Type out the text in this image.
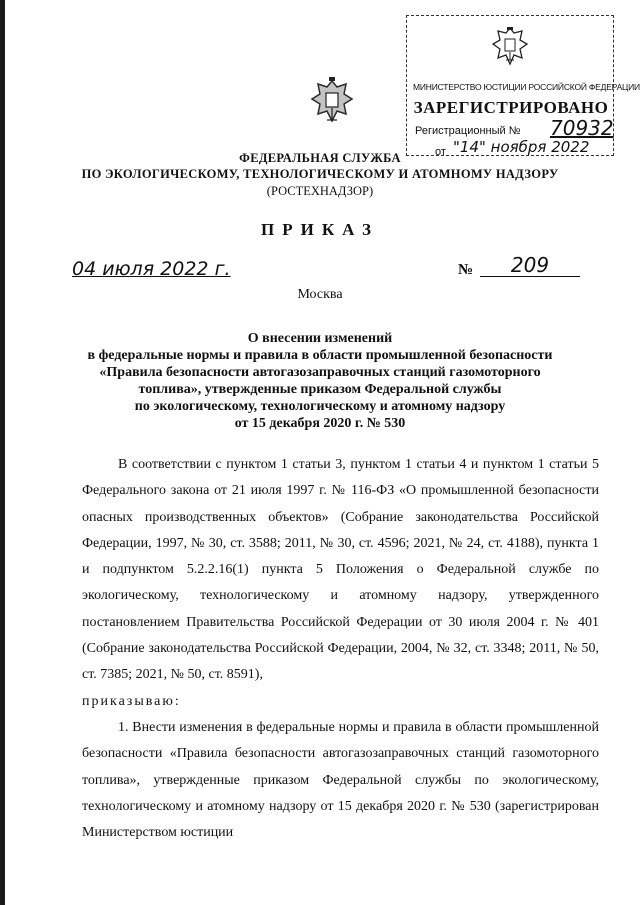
МИНИСТЕРСТВО ЮСТИЦИИ РОССИЙСКОЙ ФЕДЕРАЦИИ
ЗАРЕГИСТРИРОВАНО
Регистрационный № 70932
от "14" ноября 2022
ФЕДЕРАЛЬНАЯ СЛУЖБА
ПО ЭКОЛОГИЧЕСКОМУ, ТЕХНОЛОГИЧЕСКОМУ И АТОМНОМУ НАДЗОРУ
(РОСТЕХНАДЗОР)
ПРИКАЗ
04 июля 2022 г.	№	209
Москва
О внесении изменений
в федеральные нормы и правила в области промышленной безопасности
«Правила безопасности автогазозаправочных станций газомоторного
топлива», утвержденные приказом Федеральной службы
по экологическому, технологическому и атомному надзору
от 15 декабря 2020 г. № 530

В соответствии с пунктом 1 статьи 3, пунктом 1 статьи 4 и пунктом 1 статьи 5 Федерального закона от 21 июля 1997 г. № 116-ФЗ «О промышленной безопасности опасных производственных объектов» (Собрание законодательства Российской Федерации, 1997, № 30, ст. 3588; 2011, № 30, ст. 4596; 2021, № 24, ст. 4188), пункта 1 и подпунктом 5.2.2.16(1) пункта 5 Положения о Федеральной службе по экологическому, технологическому и атомному надзору, утвержденного постановлением Правительства Российской Федерации от 30 июля 2004 г. № 401 (Собрание законодательства Российской Федерации, 2004, № 32, ст. 3348; 2011, № 50, ст. 7385; 2021, № 50, ст. 8591),

приказываю:

1. Внести изменения в федеральные нормы и правила в области промышленной безопасности «Правила безопасности автогазозаправочных станций газомоторного топлива», утвержденные приказом Федеральной службы по экологическому, технологическому и атомному надзору от 15 декабря 2020 г. № 530 (зарегистрирован Министерством юстиции
